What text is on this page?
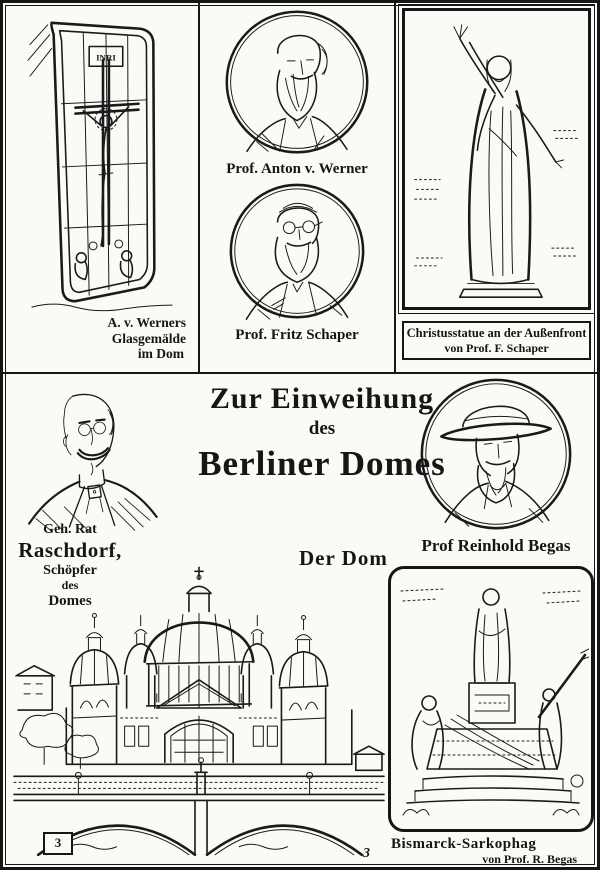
INRI
A. v. Werners
Glasgemälde
im Dom
Prof. Anton v. Werner
Prof. Fritz Schaper	Christusstatue an der Außenfront
von Prof. F. Schaper
Geh. Rat
Raschdorf,
Schöpfer
des
Domes
Zur Einweihung
des
Berliner Domes
Prof Reinhold Begas
Der Dom
Bismarck-Sarkophag
von Prof. R. Begas
3
3
